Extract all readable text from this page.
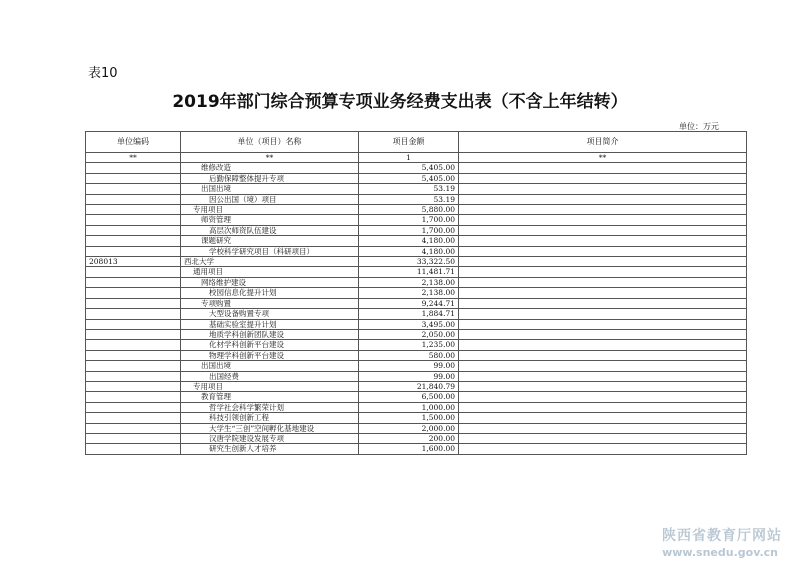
表10
2019年部门综合预算专项业务经费支出表（不含上年结转）
单位：万元
单位编码	单位（项目）名称	项目金额	项目简介
**	**	1	**
	维修改造	5,405.00	
	后勤保障整体提升专项	5,405.00	
	出国出境	53.19	
	因公出国（境）项目	53.19	
	专用项目	5,880.00	
	师资管理	1,700.00	
	高层次师资队伍建设	1,700.00	
	课题研究	4,180.00	
	学校科学研究项目（科研项目）	4,180.00	
208013	西北大学	33,322.50	
	通用项目	11,481.71	
	网络维护建设	2,138.00	
	校园信息化提升计划	2,138.00	
	专项购置	9,244.71	
	大型设备购置专项	1,884.71	
	基础实验室提升计划	3,495.00	
	地质学科创新团队建设	2,050.00	
	化材学科创新平台建设	1,235.00	
	物理学科创新平台建设	580.00	
	出国出境	99.00	
	出国经费	99.00	
	专用项目	21,840.79	
	教育管理	6,500.00	
	哲学社会科学繁荣计划	1,000.00	
	科技引领创新工程	1,500.00	
	大学生“三创”空间孵化基地建设	2,000.00	
	汉唐学院建设发展专项	200.00	
	研究生创新人才培养	1,600.00	
陕西省教育厅网站
www.snedu.gov.cn
